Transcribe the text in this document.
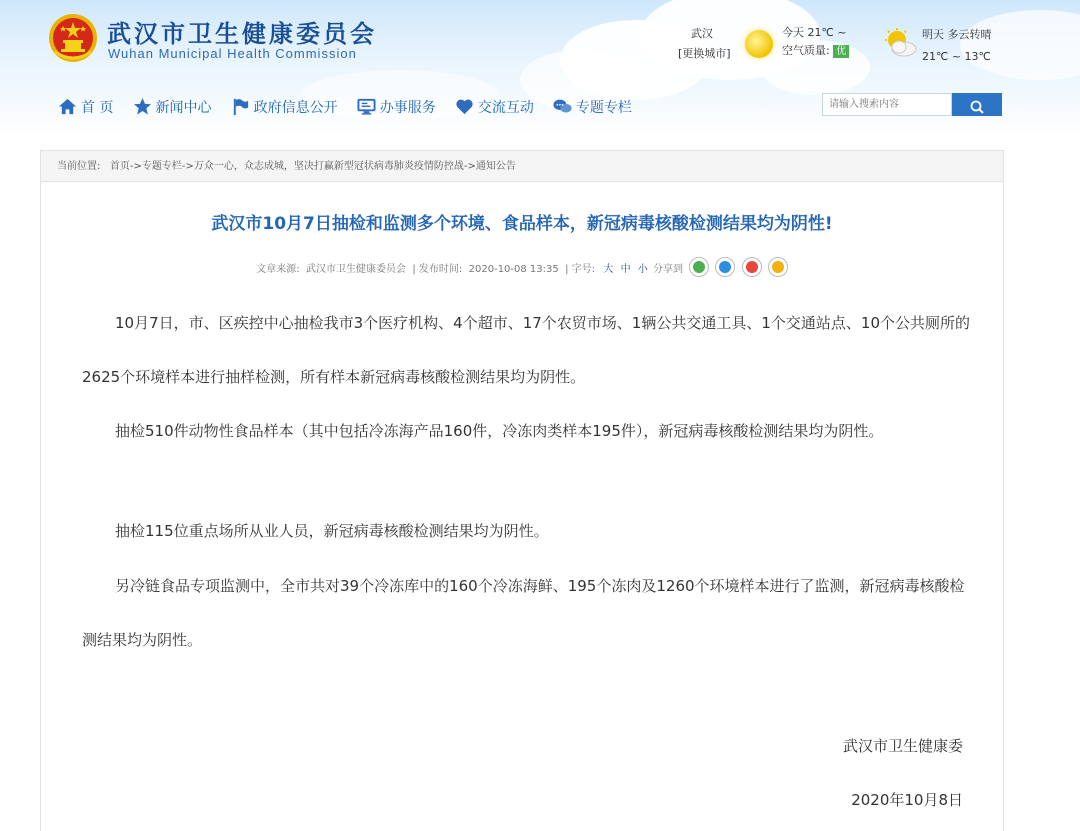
武汉市卫生健康委员会
Wuhan Municipal Health Commission
武汉
[更换城市]
今天 21℃ ~
空气质量: 优
明天 多云转晴
21℃ ~ 13℃
首 页	新闻中心	政府信息公开	办事服务	交流互动	专题专栏
请输入搜索内容
当前位置: 首页->专题专栏->万众一心，众志成城，坚决打赢新型冠状病毒肺炎疫情防控战->通知公告
武汉市10月7日抽检和监测多个环境、食品样本，新冠病毒核酸检测结果均为阴性!
文章来源: 武汉市卫生健康委员会 | 发布时间: 2020-10-08 13:35 | 字号: 大 中 小 分享到

10月7日，市、区疾控中心抽检我市3个医疗机构、4个超市、17个农贸市场、1辆公共交通工具、1个交通站点、10个公共厕所的2625个环境样本进行抽样检测，所有样本新冠病毒核酸检测结果均为阴性。

抽检510件动物性食品样本（其中包括冷冻海产品160件，冷冻肉类样本195件），新冠病毒核酸检测结果均为阴性。

抽检115位重点场所从业人员，新冠病毒核酸检测结果均为阴性。

另冷链食品专项监测中，全市共对39个冷冻库中的160个冷冻海鲜、195个冻肉及1260个环境样本进行了监测，新冠病毒核酸检测结果均为阴性。

武汉市卫生健康委
2020年10月8日
